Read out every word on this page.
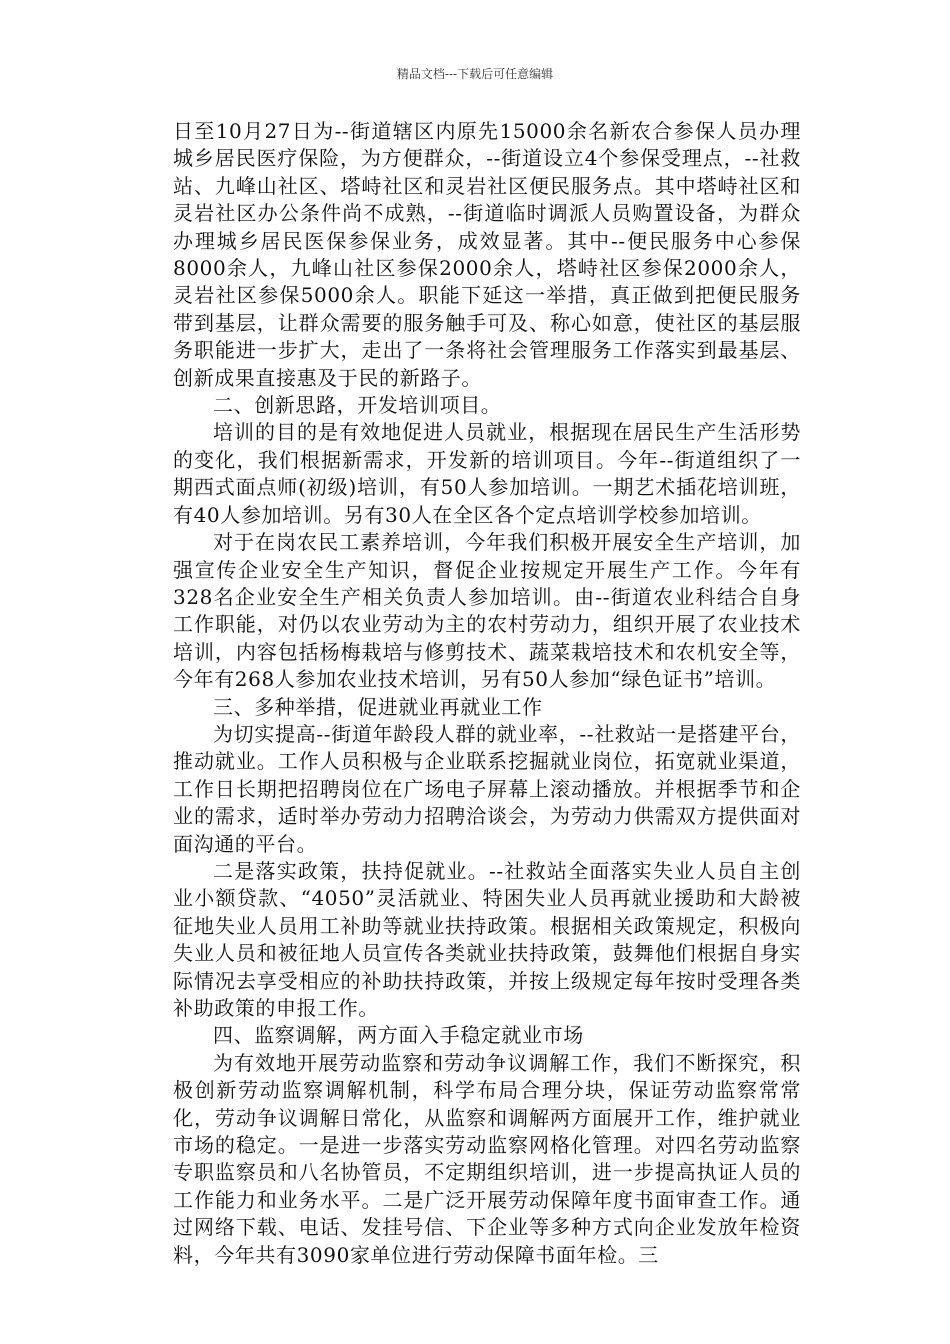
精品文档---下载后可任意编辑

日至10月27日为--街道辖区内原先15000余名新农合参保人员办理城乡居民医疗保险，为方便群众，--街道设立4个参保受理点，--社救站、九峰山社区、塔峙社区和灵岩社区便民服务点。其中塔峙社区和灵岩社区办公条件尚不成熟，--街道临时调派人员购置设备，为群众办理城乡居民医保参保业务，成效显著。其中--便民服务中心参保8000余人，九峰山社区参保2000余人，塔峙社区参保2000余人，灵岩社区参保5000余人。职能下延这一举措，真正做到把便民服务带到基层，让群众需要的服务触手可及、称心如意，使社区的基层服务职能进一步扩大，走出了一条将社会管理服务工作落实到最基层、创新成果直接惠及于民的新路子。

二、创新思路，开发培训项目。

培训的目的是有效地促进人员就业，根据现在居民生产生活形势的变化，我们根据新需求，开发新的培训项目。今年--街道组织了一期西式面点师(初级)培训，有50人参加培训。一期艺术插花培训班，有40人参加培训。另有30人在全区各个定点培训学校参加培训。

对于在岗农民工素养培训，今年我们积极开展安全生产培训，加强宣传企业安全生产知识，督促企业按规定开展生产工作。今年有328名企业安全生产相关负责人参加培训。由--街道农业科结合自身工作职能，对仍以农业劳动为主的农村劳动力，组织开展了农业技术培训，内容包括杨梅栽培与修剪技术、蔬菜栽培技术和农机安全等，今年有268人参加农业技术培训，另有50人参加“绿色证书”培训。

三、多种举措，促进就业再就业工作

为切实提高--街道年龄段人群的就业率，--社救站一是搭建平台，推动就业。工作人员积极与企业联系挖掘就业岗位，拓宽就业渠道，工作日长期把招聘岗位在广场电子屏幕上滚动播放。并根据季节和企业的需求，适时举办劳动力招聘洽谈会，为劳动力供需双方提供面对面沟通的平台。

二是落实政策，扶持促就业。--社救站全面落实失业人员自主创业小额贷款、“4050”灵活就业、特困失业人员再就业援助和大龄被征地失业人员用工补助等就业扶持政策。根据相关政策规定，积极向失业人员和被征地人员宣传各类就业扶持政策，鼓舞他们根据自身实际情况去享受相应的补助扶持政策，并按上级规定每年按时受理各类补助政策的申报工作。

四、监察调解，两方面入手稳定就业市场

为有效地开展劳动监察和劳动争议调解工作，我们不断探究，积极创新劳动监察调解机制，科学布局合理分块，保证劳动监察常常化，劳动争议调解日常化，从监察和调解两方面展开工作，维护就业市场的稳定。一是进一步落实劳动监察网格化管理。对四名劳动监察专职监察员和八名协管员，不定期组织培训，进一步提高执证人员的工作能力和业务水平。二是广泛开展劳动保障年度书面审查工作。通过网络下载、电话、发挂号信、下企业等多种方式向企业发放年检资料，今年共有3090家单位进行劳动保障书面年检。三
